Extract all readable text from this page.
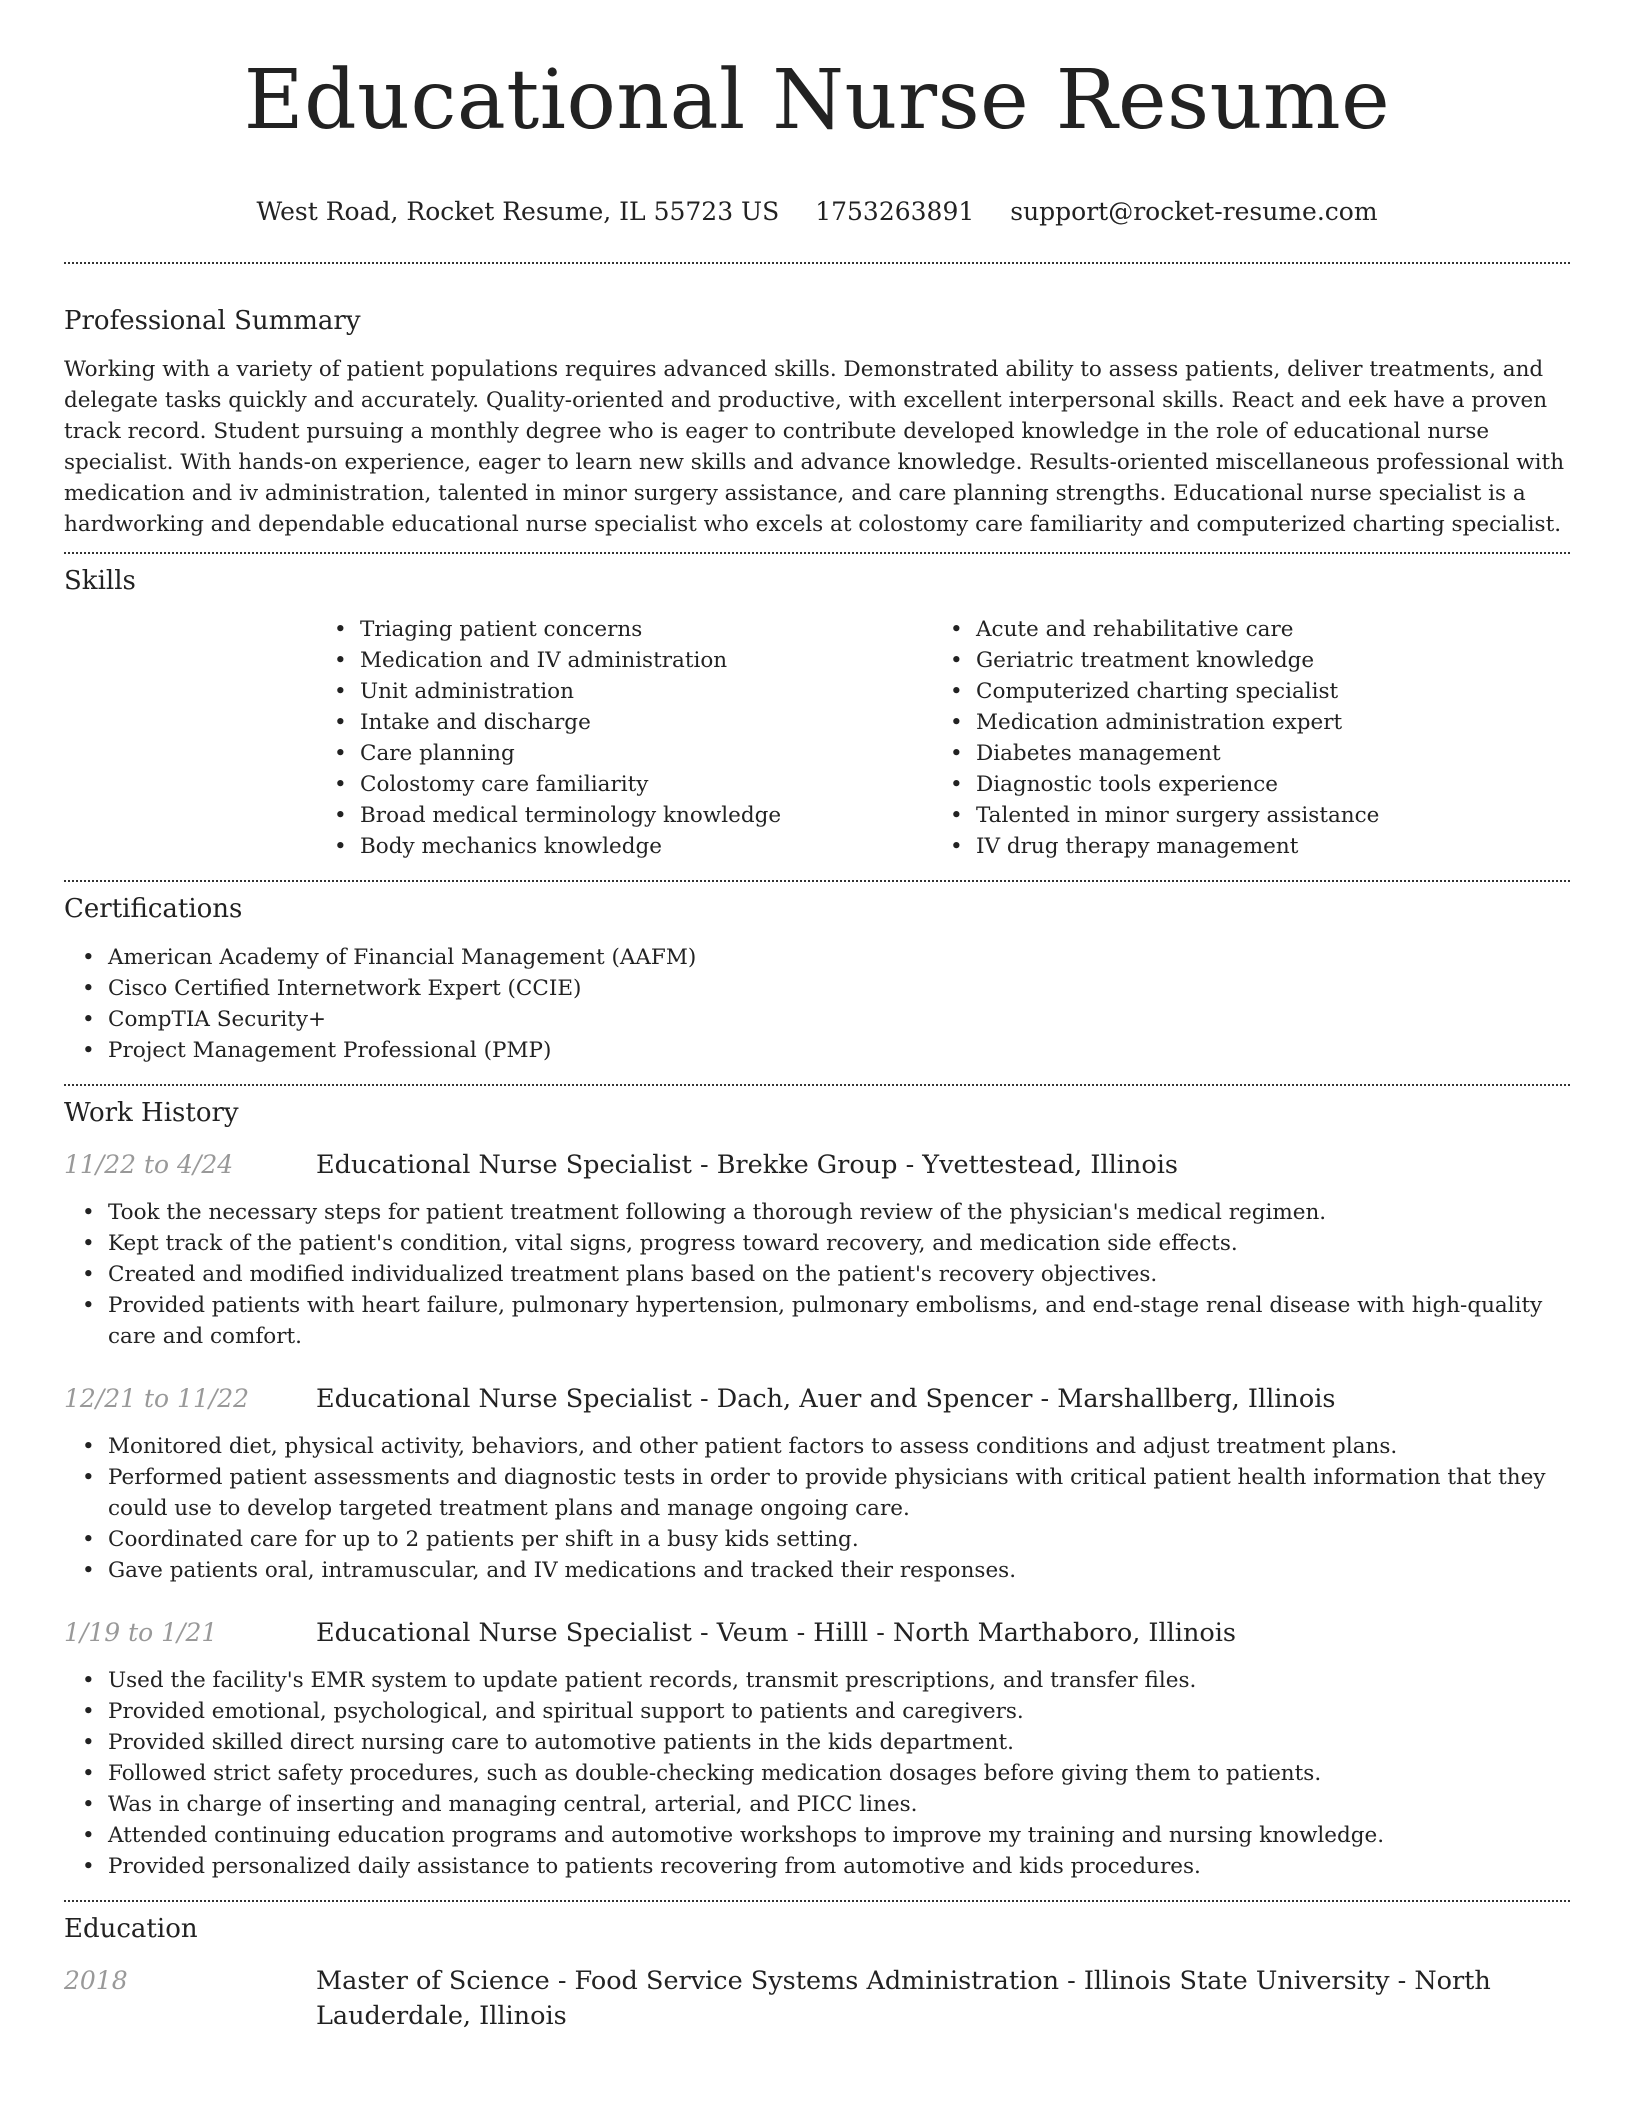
Educational Nurse Resume
West Road, Rocket Resume, IL 55723 US 1753263891 support@rocket-resume.com
Professional Summary

Working with a variety of patient populations requires advanced skills. Demonstrated ability to assess patients, deliver treatments, and delegate tasks quickly and accurately. Quality-oriented and productive, with excellent interpersonal skills. React and eek have a proven track record. Student pursuing a monthly degree who is eager to contribute developed knowledge in the role of educational nurse specialist. With hands-on experience, eager to learn new skills and advance knowledge. Results-oriented miscellaneous professional with medication and iv administration, talented in minor surgery assistance, and care planning strengths. Educational nurse specialist is a hardworking and dependable educational nurse specialist who excels at colostomy care familiarity and computerized charting specialist.

Skills
• Triaging patient concerns
• Medication and IV administration
• Unit administration
• Intake and discharge
• Care planning
• Colostomy care familiarity
• Broad medical terminology knowledge
• Body mechanics knowledge
• Acute and rehabilitative care
• Geriatric treatment knowledge
• Computerized charting specialist
• Medication administration expert
• Diabetes management
• Diagnostic tools experience
• Talented in minor surgery assistance
• IV drug therapy management
Certifications
• American Academy of Financial Management (AAFM)
• Cisco Certified Internetwork Expert (CCIE)
• CompTIA Security+
• Project Management Professional (PMP)
Work History
11/22 to 4/24	Educational Nurse Specialist - Brekke Group - Yvettestead, Illinois
• Took the necessary steps for patient treatment following a thorough review of the physician's medical regimen.
• Kept track of the patient's condition, vital signs, progress toward recovery, and medication side effects.
• Created and modified individualized treatment plans based on the patient's recovery objectives.
• Provided patients with heart failure, pulmonary hypertension, pulmonary embolisms, and end-stage renal disease with high-quality care and comfort.
12/21 to 11/22	Educational Nurse Specialist - Dach, Auer and Spencer - Marshallberg, Illinois
• Monitored diet, physical activity, behaviors, and other patient factors to assess conditions and adjust treatment plans.
• Performed patient assessments and diagnostic tests in order to provide physicians with critical patient health information that they could use to develop targeted treatment plans and manage ongoing care.
• Coordinated care for up to 2 patients per shift in a busy kids setting.
• Gave patients oral, intramuscular, and IV medications and tracked their responses.
1/19 to 1/21	Educational Nurse Specialist - Veum - Hilll - North Marthaboro, Illinois
• Used the facility's EMR system to update patient records, transmit prescriptions, and transfer files.
• Provided emotional, psychological, and spiritual support to patients and caregivers.
• Provided skilled direct nursing care to automotive patients in the kids department.
• Followed strict safety procedures, such as double-checking medication dosages before giving them to patients.
• Was in charge of inserting and managing central, arterial, and PICC lines.
• Attended continuing education programs and automotive workshops to improve my training and nursing knowledge.
• Provided personalized daily assistance to patients recovering from automotive and kids procedures.
Education
2018	Master of Science - Food Service Systems Administration - Illinois State University - North Lauderdale, Illinois
